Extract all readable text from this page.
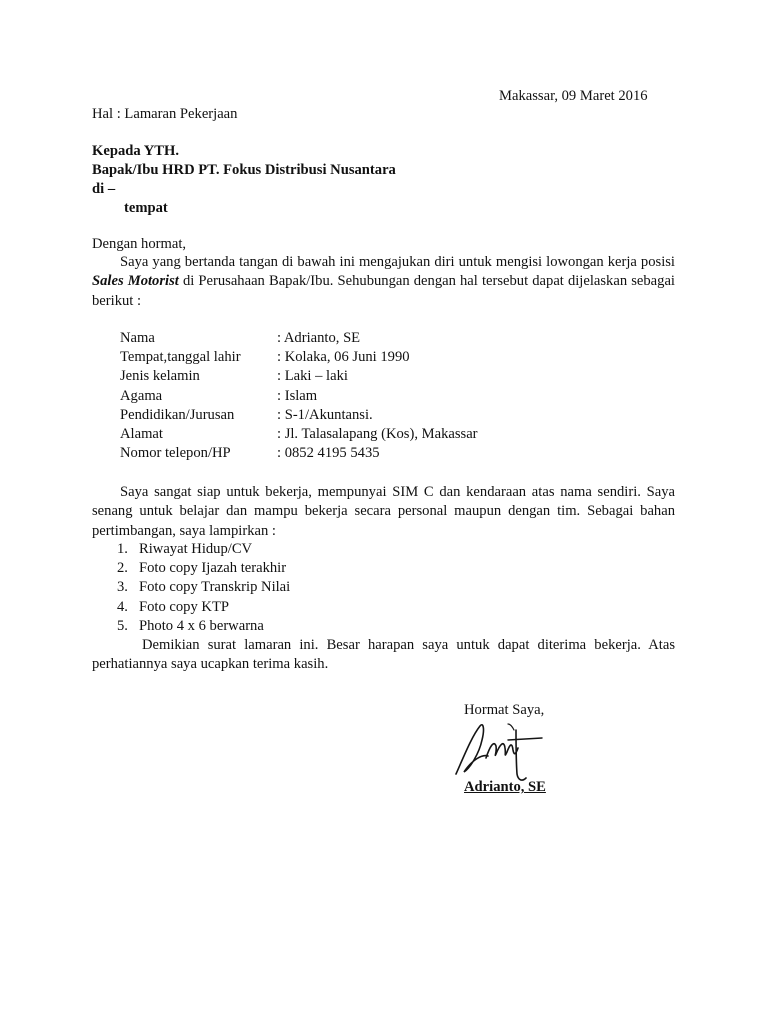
Makassar, 09 Maret 2016
Hal : Lamaran Pekerjaan
Kepada YTH.
Bapak/Ibu HRD PT. Fokus Distribusi Nusantara
di –
tempat
Dengan hormat,
Saya yang bertanda tangan di bawah ini mengajukan diri untuk mengisi lowongan kerja posisi Sales Motorist di Perusahaan Bapak/Ibu. Sehubungan dengan hal tersebut dapat dijelaskan sebagai berikut :
Nama	: Adrianto, SE
Tempat,tanggal lahir : Kolaka, 06 Juni 1990
Jenis kelamin	: Laki – laki
Agama	: Islam
Pendidikan/Jurusan	: S-1/Akuntansi.
Alamat	: Jl. Talasalapang (Kos), Makassar
Nomor telepon/HP	: 0852 4195 5435
Saya sangat siap untuk bekerja, mempunyai SIM C dan kendaraan atas nama sendiri. Saya senang untuk belajar dan mampu bekerja secara personal maupun dengan tim. Sebagai bahan pertimbangan, saya lampirkan :
1. Riwayat Hidup/CV
2. Foto copy Ijazah terakhir
3. Foto copy Transkrip Nilai
4. Foto copy KTP
5. Photo 4 x 6 berwarna
Demikian surat lamaran ini. Besar harapan saya untuk dapat diterima bekerja. Atas perhatiannya saya ucapkan terima kasih.
Hormat Saya,
Adrianto, SE
